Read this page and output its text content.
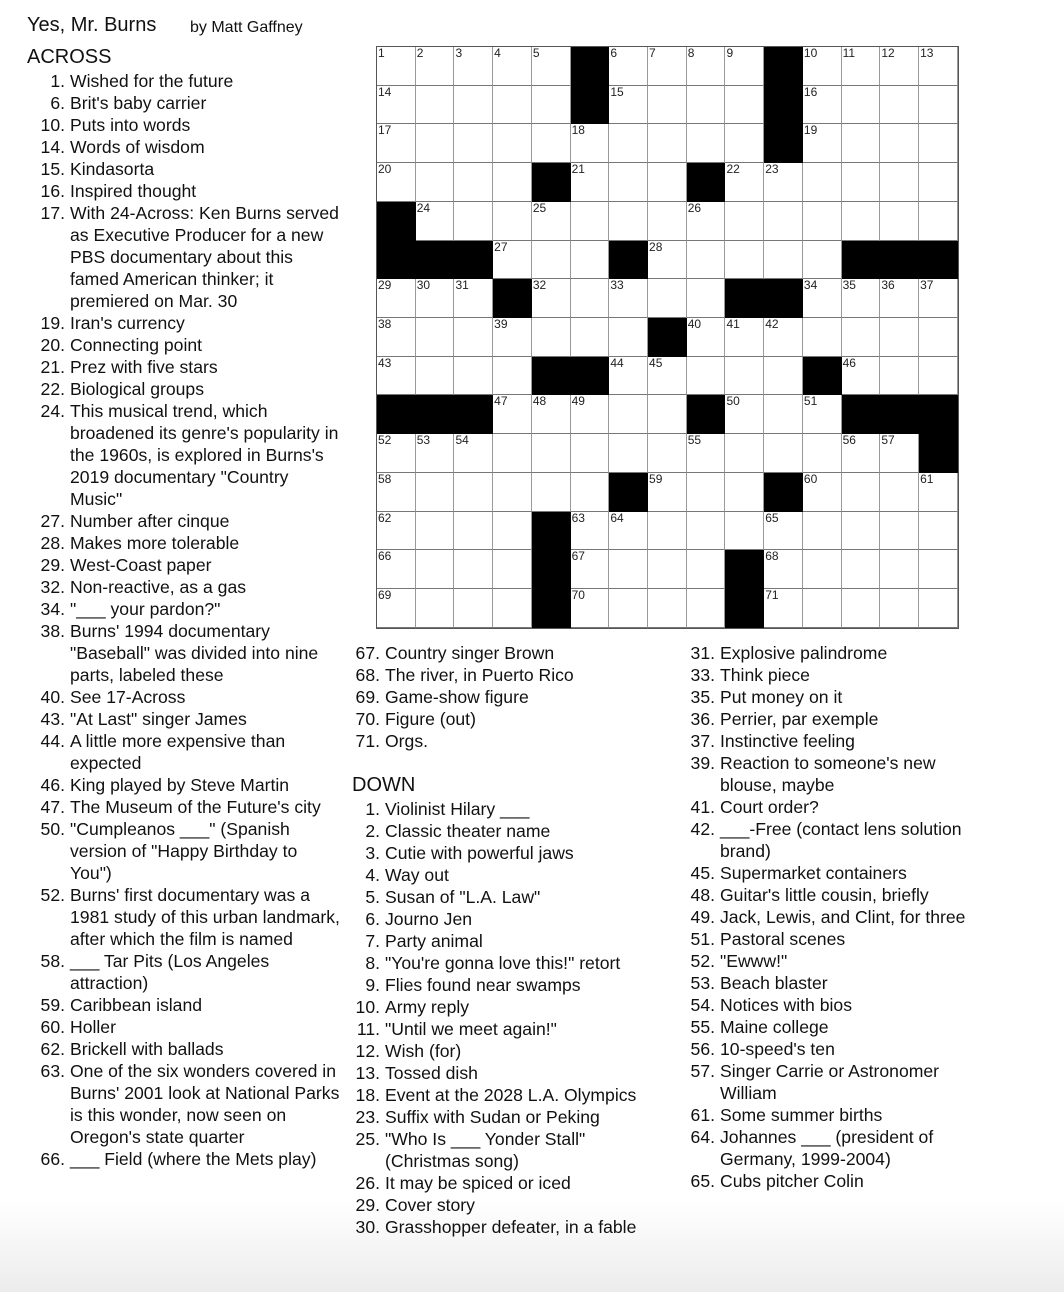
Yes, Mr. Burns by Matt Gaffney
ACROSS
1. Wished for the future
6. Brit's baby carrier
10. Puts into words
14. Words of wisdom
15. Kindasorta
16. Inspired thought
17. With 24-Across: Ken Burns served as Executive Producer for a new PBS documentary about this famed American thinker; it premiered on Mar. 30
19. Iran's currency
20. Connecting point
21. Prez with five stars
22. Biological groups
24. This musical trend, which broadened its genre's popularity in the 1960s, is explored in Burns's 2019 documentary "Country Music"
27. Number after cinque
28. Makes more tolerable
29. West-Coast paper
32. Non-reactive, as a gas
34. "___ your pardon?"
38. Burns' 1994 documentary "Baseball" was divided into nine parts, labeled these
40. See 17-Across
43. "At Last" singer James
44. A little more expensive than expected
46. King played by Steve Martin
47. The Museum of the Future's city
50. "Cumpleanos ___" (Spanish version of "Happy Birthday to You")
52. Burns' first documentary was a 1981 study of this urban landmark, after which the film is named
58. ___ Tar Pits (Los Angeles attraction)
59. Caribbean island
60. Holler
62. Brickell with ballads
63. One of the six wonders covered in Burns' 2001 look at National Parks is this wonder, now seen on Oregon's state quarter
66. ___ Field (where the Mets play)
67. Country singer Brown
68. The river, in Puerto Rico
69. Game-show figure
70. Figure (out)
71. Orgs.
DOWN
1. Violinist Hilary ___
2. Classic theater name
3. Cutie with powerful jaws
4. Way out
5. Susan of "L.A. Law"
6. Journo Jen
7. Party animal
8. "You're gonna love this!" retort
9. Flies found near swamps
10. Army reply
11. "Until we meet again!"
12. Wish (for)
13. Tossed dish
18. Event at the 2028 L.A. Olympics
23. Suffix with Sudan or Peking
25. "Who Is ___ Yonder Stall" (Christmas song)
26. It may be spiced or iced
29. Cover story
30. Grasshopper defeater, in a fable
31. Explosive palindrome
33. Think piece
35. Put money on it
36. Perrier, par exemple
37. Instinctive feeling
39. Reaction to someone's new blouse, maybe
41. Court order?
42. ___-Free (contact lens solution brand)
45. Supermarket containers
48. Guitar's little cousin, briefly
49. Jack, Lewis, and Clint, for three
51. Pastoral scenes
52. "Ewww!"
53. Beach blaster
54. Notices with bios
55. Maine college
56. 10-speed's ten
57. Singer Carrie or Astronomer William
61. Some summer births
64. Johannes ___ (president of Germany, 1999-2004)
65. Cubs pitcher Colin
1	2	3	4	5	6	7	8	9	10 11 12 13
14	15	16
17	18	19
20	21	22 23
24	25	26
27	28
29 30 31	32	33	34 35 36 37
38	39	40 41 42
43	44 45	46
47 48 49	50	51
52 53 54	55	56 57
58	59	60	61
62	63 64	65
66	67	68
69	70	71
